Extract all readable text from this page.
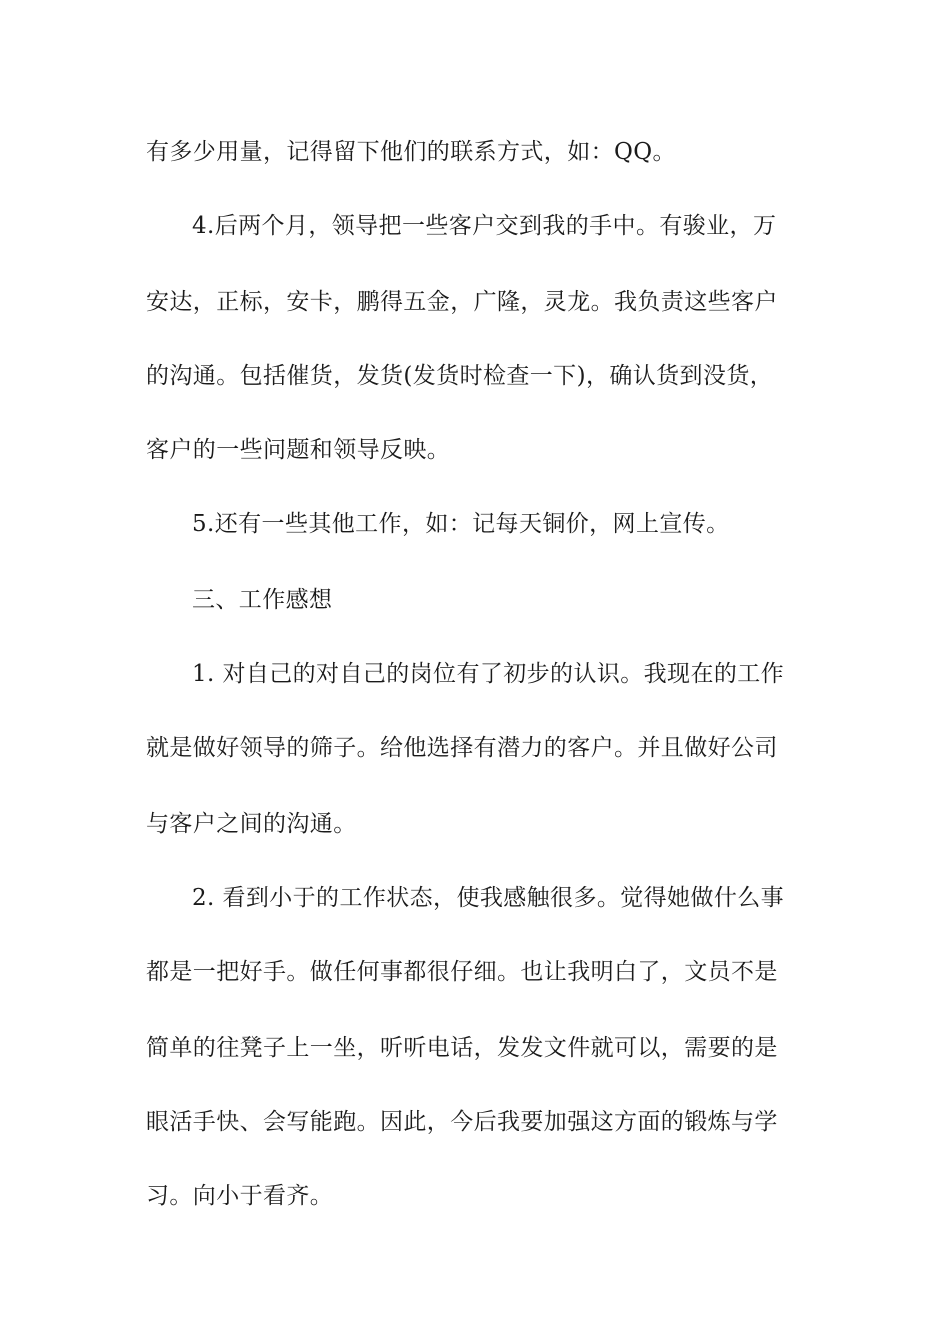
有多少用量，记得留下他们的联系方式，如：QQ。
4.后两个月，领导把一些客户交到我的手中。有骏业，万
安达，正标，安卡，鹏得五金，广隆，灵龙。我负责这些客户
的沟通。包括催货，发货(发货时检查一下)，确认货到没货，
客户的一些问题和领导反映。
5.还有一些其他工作，如：记每天铜价，网上宣传。
三、工作感想
1. 对自己的对自己的岗位有了初步的认识。我现在的工作
就是做好领导的筛子。给他选择有潜力的客户。并且做好公司
与客户之间的沟通。
2. 看到小于的工作状态，使我感触很多。觉得她做什么事
都是一把好手。做任何事都很仔细。也让我明白了，文员不是
简单的往凳子上一坐，听听电话，发发文件就可以，需要的是
眼活手快、会写能跑。因此，今后我要加强这方面的锻炼与学
习。向小于看齐。
